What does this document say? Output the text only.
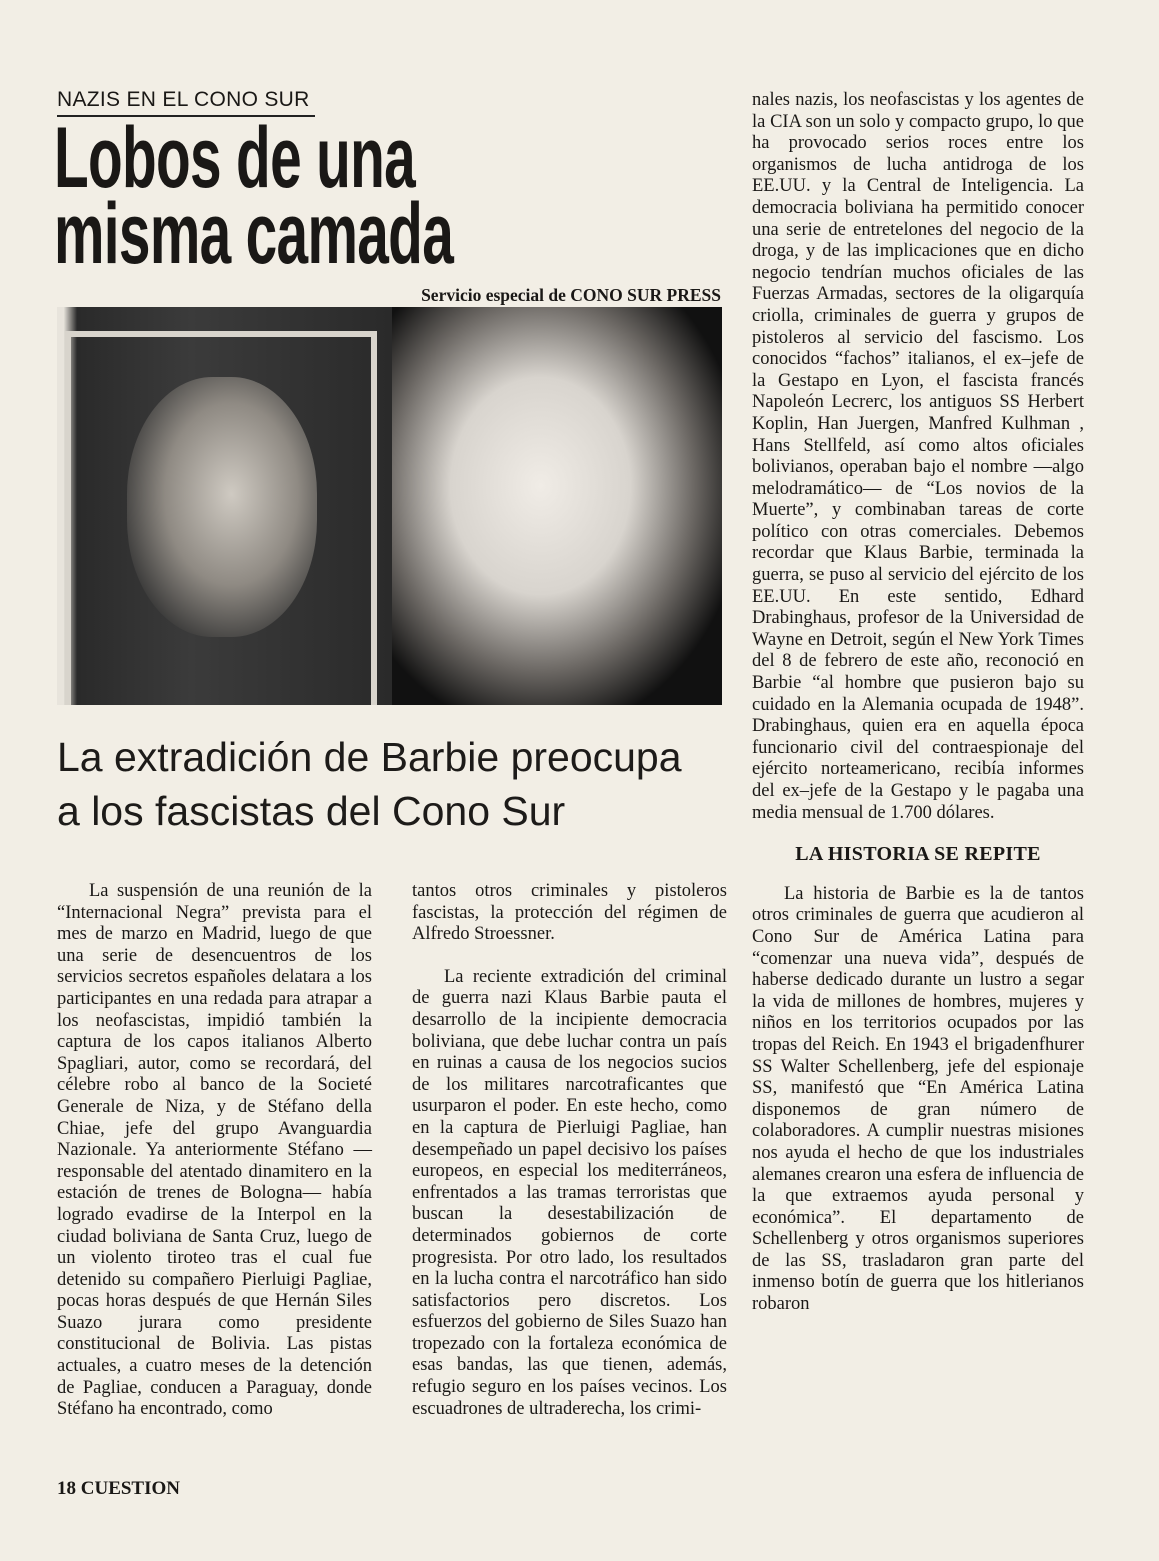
NAZIS EN EL CONO SUR
Lobos de una
misma camada
Servicio especial de CONO SUR PRESS
La extradición de Barbie preocupa
a los fascistas del Cono Sur

La suspensión de una reunión de la “Internacional Negra” prevista para el mes de marzo en Madrid, luego de que una serie de desencuentros de los servicios secretos españoles delatara a los participantes en una redada para atrapar a los neofascistas, impidió también la captura de los capos italianos Alberto Spagliari, autor, como se recordará, del célebre robo al banco de la Societé Generale de Niza, y de Stéfano della Chiae, jefe del grupo Avanguardia Nazionale. Ya anteriormente Stéfano — responsable del atentado dinamitero en la estación de trenes de Bologna— había logrado evadirse de la Interpol en la ciudad boliviana de Santa Cruz, luego de un violento tiroteo tras el cual fue detenido su compañero Pierluigi Pagliae, pocas horas después de que Hernán Siles Suazo jurara como presidente constitucional de Bolivia. Las pistas actuales, a cuatro meses de la detención de Pagliae, conducen a Paraguay, donde Stéfano ha encontrado, como

tantos otros criminales y pistoleros fascistas, la protección del régimen de Alfredo Stroessner.

La reciente extradición del criminal de guerra nazi Klaus Barbie pauta el desarrollo de la incipiente democracia boliviana, que debe luchar contra un país en ruinas a causa de los negocios sucios de los militares narcotraficantes que usurparon el poder. En este hecho, como en la captura de Pierluigi Pagliae, han desempeñado un papel decisivo los países europeos, en especial los mediterráneos, enfrentados a las tramas terroristas que buscan la desestabilización de determinados gobiernos de corte progresista. Por otro lado, los resultados en la lucha contra el narcotráfico han sido satisfactorios pero discretos. Los esfuerzos del gobierno de Siles Suazo han tropezado con la fortaleza económica de esas bandas, las que tienen, además, refugio seguro en los países vecinos. Los escuadrones de ultraderecha, los crimi-

nales nazis, los neofascistas y los agentes de la CIA son un solo y compacto grupo, lo que ha provocado serios roces entre los organismos de lucha antidroga de los EE.UU. y la Central de Inteligencia. La democracia boliviana ha permitido conocer una serie de entretelones del negocio de la droga, y de las implicaciones que en dicho negocio tendrían muchos oficiales de las Fuerzas Armadas, sectores de la oligarquía criolla, criminales de guerra y grupos de pistoleros al servicio del fascismo. Los conocidos “fachos” italianos, el ex–jefe de la Gestapo en Lyon, el fascista francés Napoleón Lecrerc, los antiguos SS Herbert Koplin, Han Juergen, Manfred Kulhman , Hans Stellfeld, así como altos oficiales bolivianos, operaban bajo el nombre —algo melodramático— de “Los novios de la Muerte”, y combinaban tareas de corte político con otras comerciales. Debemos recordar que Klaus Barbie, terminada la guerra, se puso al servicio del ejército de los EE.UU. En este sentido, Edhard Drabinghaus, profesor de la Universidad de Wayne en Detroit, según el New York Times del 8 de febrero de este año, reconoció en Barbie “al hombre que pusieron bajo su cuidado en la Alemania ocupada de 1948”. Drabinghaus, quien era en aquella época funcionario civil del contraespionaje del ejército norteamericano, recibía informes del ex–jefe de la Gestapo y le pagaba una media mensual de 1.700 dólares.

LA HISTORIA SE REPITE

La historia de Barbie es la de tantos otros criminales de guerra que acudieron al Cono Sur de América Latina para “comenzar una nueva vida”, después de haberse dedicado durante un lustro a segar la vida de millones de hombres, mujeres y niños en los territorios ocupados por las tropas del Reich. En 1943 el brigadenfhurer SS Walter Schellenberg, jefe del espionaje SS, manifestó que “En América Latina disponemos de gran número de colaboradores. A cumplir nuestras misiones nos ayuda el hecho de que los industriales alemanes crearon una esfera de influencia de la que extraemos ayuda personal y económica”. El departamento de Schellenberg y otros organismos superiores de las SS, trasladaron gran parte del inmenso botín de guerra que los hitlerianos robaron

18 CUESTION
